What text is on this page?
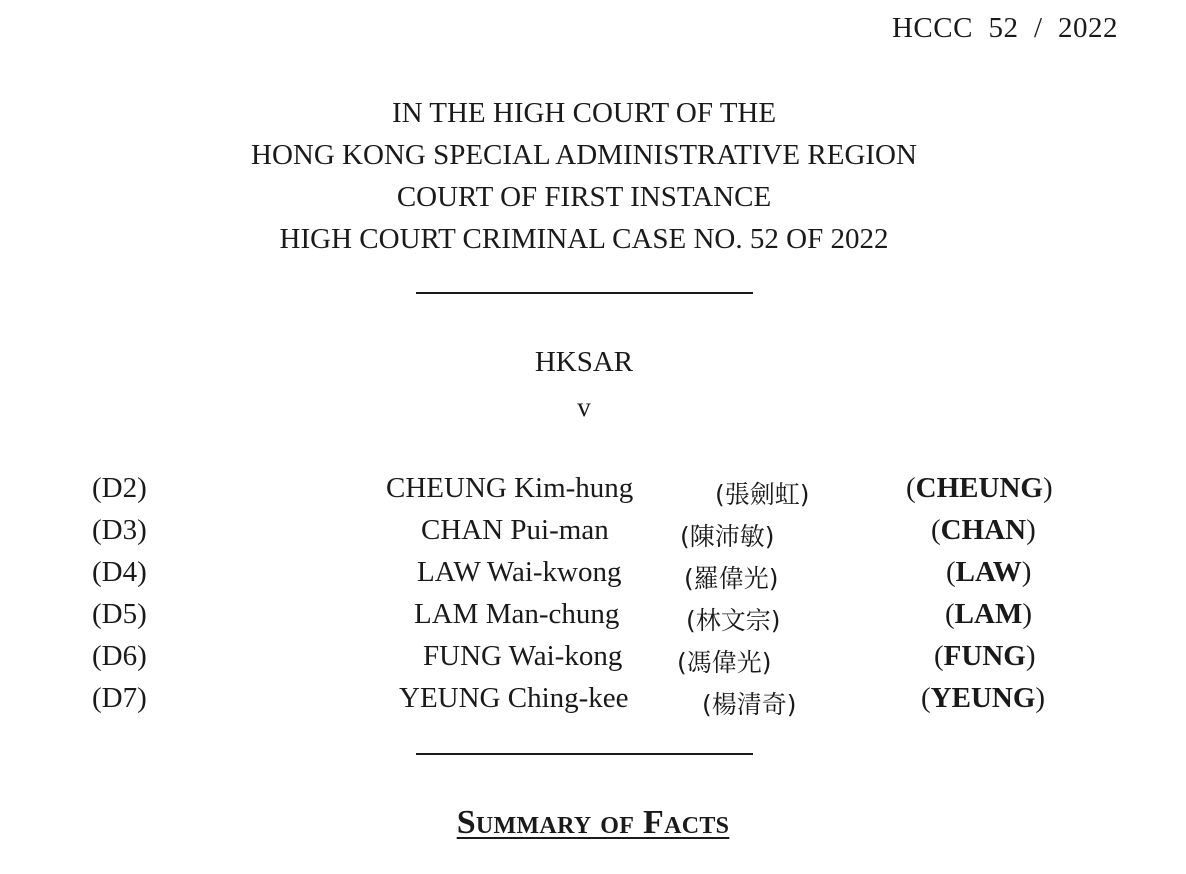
HCCC  52  /  2022
IN THE HIGH COURT OF THE
HONG KONG SPECIAL ADMINISTRATIVE REGION
COURT OF FIRST INSTANCE
HIGH COURT CRIMINAL CASE NO. 52 OF 2022
HKSAR
v
(D2)	CHEUNG Kim-hung	(張劍虹)	(CHEUNG)
(D3)	CHAN Pui-man	(陳沛敏)	(CHAN)
(D4)	LAW Wai-kwong	(羅偉光)	(LAW)
(D5)	LAM Man-chung	(林文宗)	(LAM)
(D6)	FUNG Wai-kong (馮偉光)	(FUNG)
(D7)	YEUNG Ching-kee	(楊清奇)	(YEUNG)
Summary of Facts
